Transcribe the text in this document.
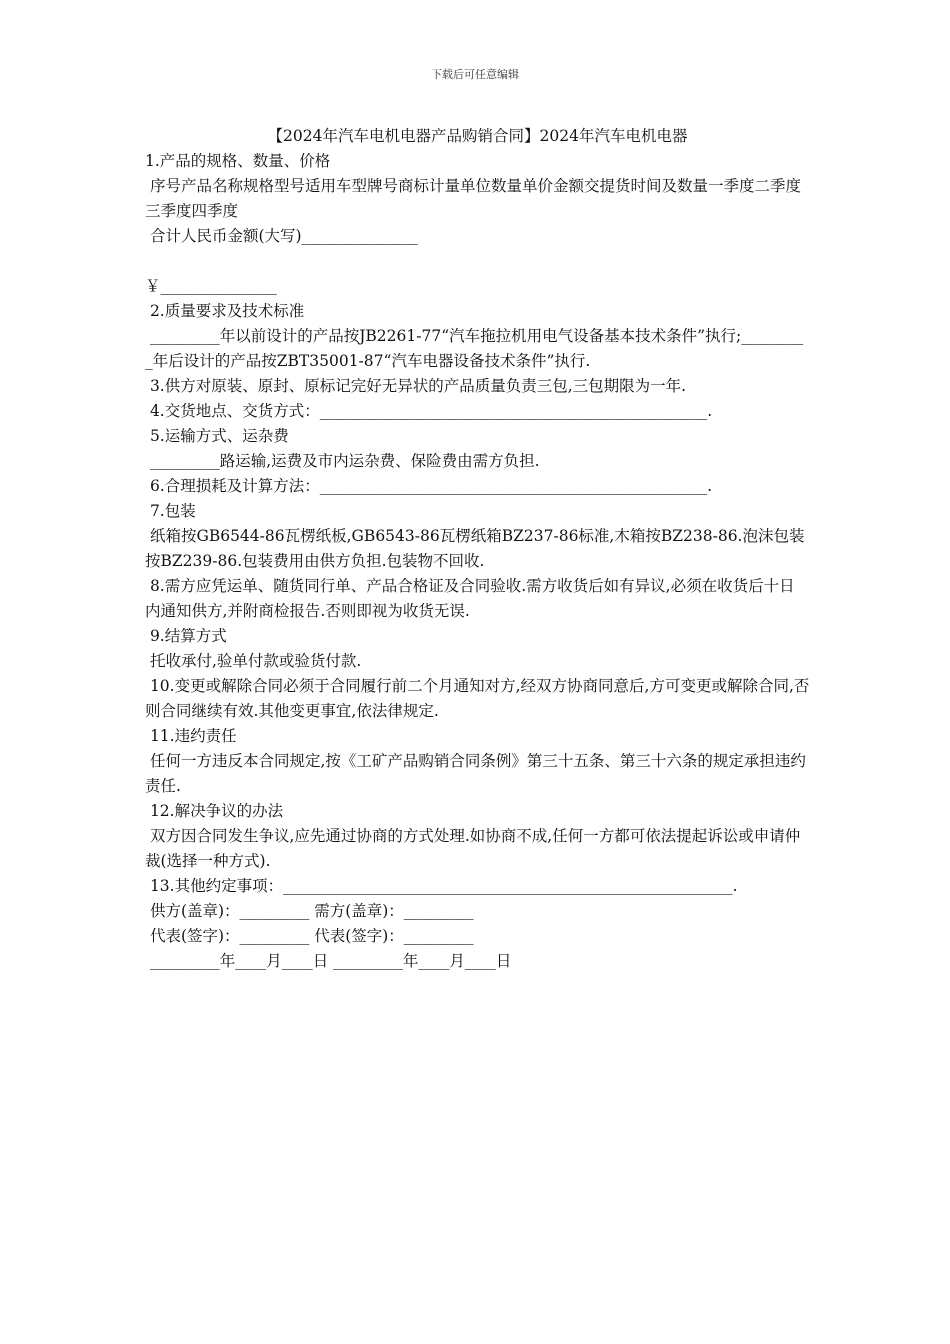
下载后可任意编辑

【2024年汽车电机电器产品购销合同】2024年汽车电机电器

1.产品的规格、数量、价格

序号产品名称规格型号适用车型牌号商标计量单位数量单价金额交提货时间及数量一季度二季度三季度四季度

合计人民币金额(大写)_______________

￥_______________

2.质量要求及技术标准

_________年以前设计的产品按JB2261-77“汽车拖拉机用电气设备基本技术条件”执行;_________年后设计的产品按ZBT35001-87“汽车电器设备技术条件”执行.

3.供方对原装、原封、原标记完好无异状的产品质量负责三包,三包期限为一年.

4.交货地点、交货方式：__________________________________________________.

5.运输方式、运杂费

_________路运输,运费及市内运杂费、保险费由需方负担.

6.合理损耗及计算方法：__________________________________________________.

7.包装

纸箱按GB6544-86瓦楞纸板,GB6543-86瓦楞纸箱BZ237-86标准,木箱按BZ238-86.泡沫包装按BZ239-86.包装费用由供方负担.包装物不回收.

8.需方应凭运单、随货同行单、产品合格证及合同验收.需方收货后如有异议,必须在收货后十日内通知供方,并附商检报告.否则即视为收货无误.

9.结算方式

托收承付,验单付款或验货付款.

10.变更或解除合同必须于合同履行前二个月通知对方,经双方协商同意后,方可变更或解除合同,否则合同继续有效.其他变更事宜,依法律规定.

11.违约责任

任何一方违反本合同规定,按《工矿产品购销合同条例》第三十五条、第三十六条的规定承担违约责任.

12.解决争议的办法

双方因合同发生争议,应先通过协商的方式处理.如协商不成,任何一方都可依法提起诉讼或申请仲裁(选择一种方式).

13.其他约定事项：__________________________________________________________.

供方(盖章)：_________ 需方(盖章)：_________

代表(签字)：_________ 代表(签字)：_________

_________年____月____日 _________年____月____日
